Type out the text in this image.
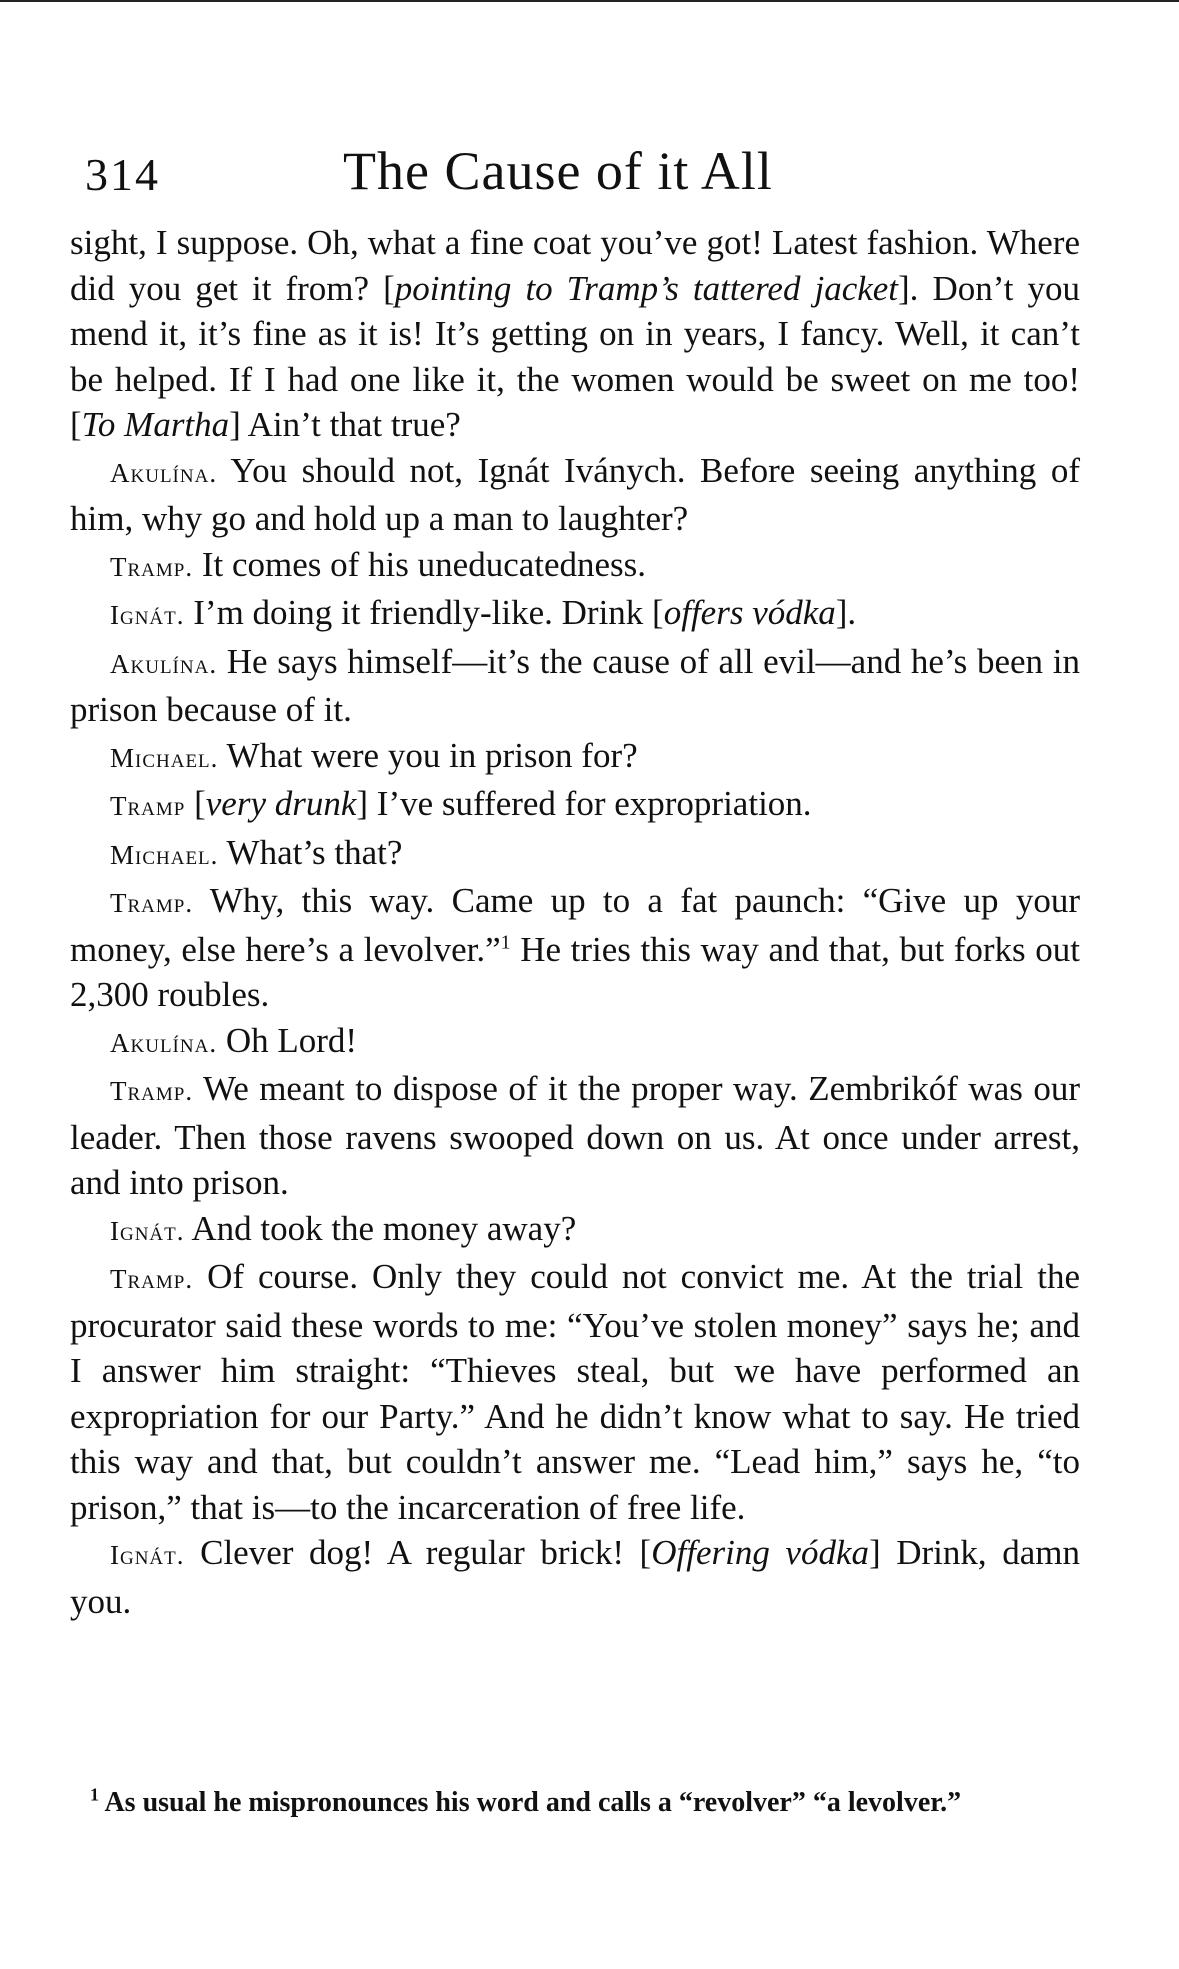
314	The Cause of it All

sight, I suppose. Oh, what a fine coat you’ve got! Latest fashion. Where did you get it from? [pointing to Tramp’s tattered jacket]. Don’t you mend it, it’s fine as it is! It’s getting on in years, I fancy. Well, it can’t be helped. If I had one like it, the women would be sweet on me too! [To Martha] Ain’t that true?

Akulína. You should not, Ignát Iványch. Before seeing anything of him, why go and hold up a man to laughter?

Tramp. It comes of his uneducatedness.

Ignát. I’m doing it friendly-like. Drink [offers vódka].

Akulína. He says himself—it’s the cause of all evil—and he’s been in prison because of it.

Michael. What were you in prison for?

Tramp [very drunk] I’ve suffered for expropriation.

Michael. What’s that?

Tramp. Why, this way. Came up to a fat paunch: “Give up your money, else here’s a levolver.”$^1$ He tries this way and that, but forks out 2,300 roubles.

Akulína. Oh Lord!

Tramp. We meant to dispose of it the proper way. Zembrikóf was our leader. Then those ravens swooped down on us. At once under arrest, and into prison.

Ignát. And took the money away?

Tramp. Of course. Only they could not convict me. At the trial the procurator said these words to me: “You’ve stolen money” says he; and I answer him straight: “Thieves steal, but we have performed an expropriation for our Party.” And he didn’t know what to say. He tried this way and that, but couldn’t answer me. “Lead him,” says he, “to prison,” that is—to the incarceration of free life.

Ignát. Clever dog! A regular brick! [Offering vódka] Drink, damn you.

$^1$ As usual he mispronounces his word and calls a “revolver” “a levolver.”
